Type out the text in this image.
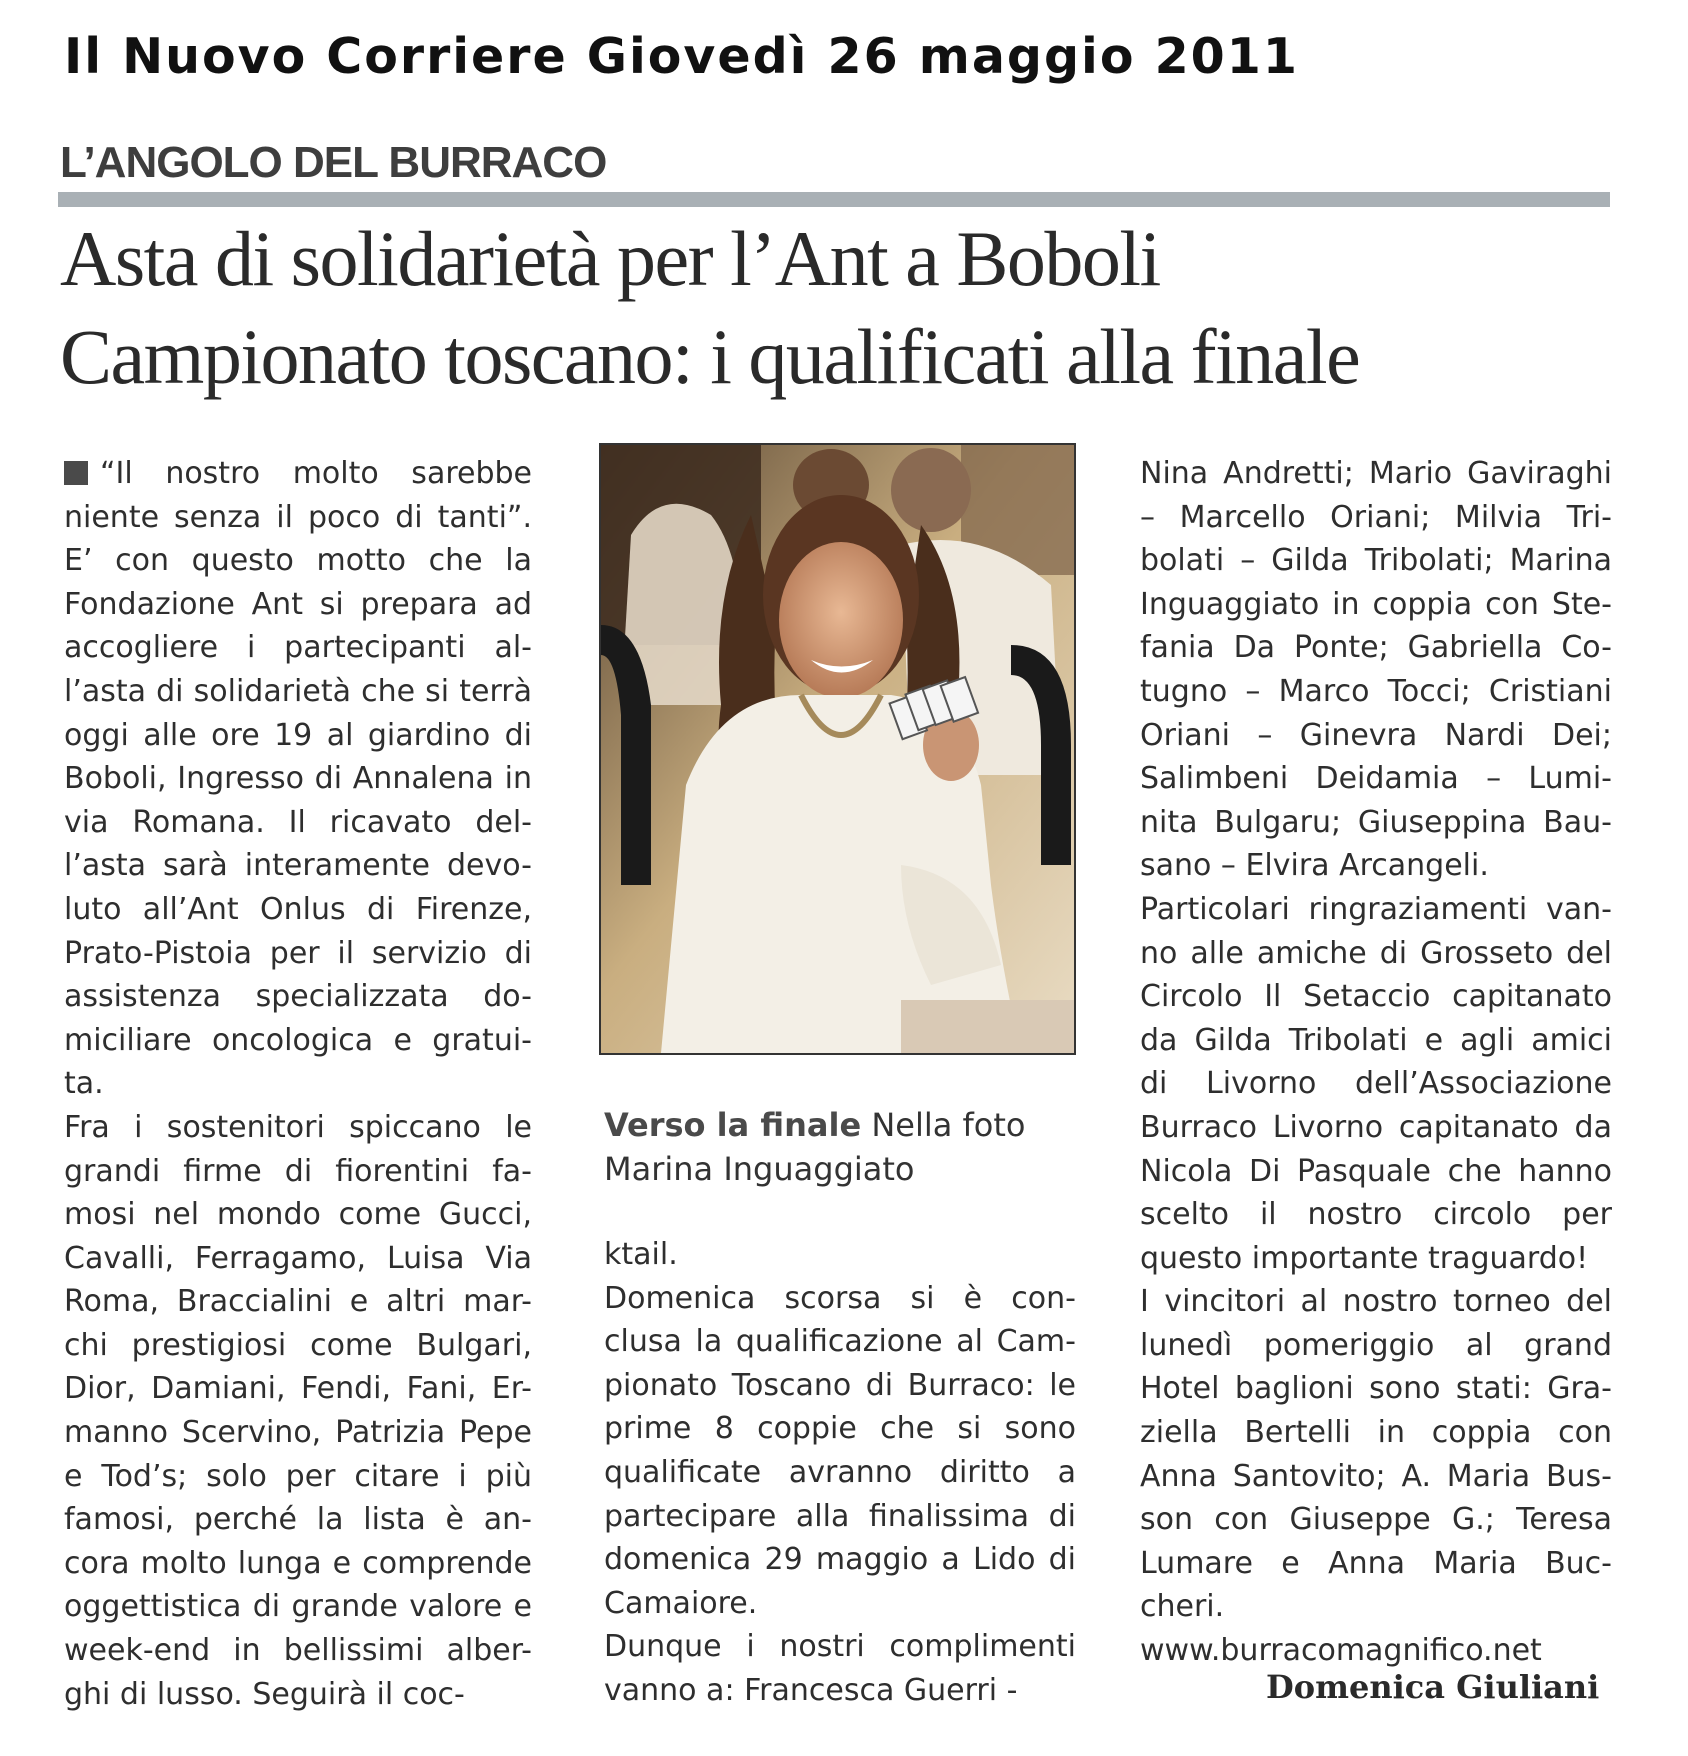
Il Nuovo Corriere Giovedì 26 maggio 2011
L’ANGOLO DEL BURRACO
Asta di solidarietà per l’Ant a Boboli
Campionato toscano: i qualificati alla finale
“Il nostro molto sarebbe
niente senza il poco di tanti”.
E’ con questo motto che la
Fondazione Ant si prepara ad
accogliere i partecipanti al-
l’asta di solidarietà che si terrà
oggi alle ore 19 al giardino di
Boboli, Ingresso di Annalena in
via Romana. Il ricavato del-
l’asta sarà interamente devo-
luto all’Ant Onlus di Firenze,
Prato-Pistoia per il servizio di
assistenza specializzata do-
miciliare oncologica e gratui-
ta.
Fra i sostenitori spiccano le
grandi firme di fiorentini fa-
mosi nel mondo come Gucci,
Cavalli, Ferragamo, Luisa Via
Roma, Braccialini e altri mar-
chi prestigiosi come Bulgari,
Dior, Damiani, Fendi, Fani, Er-
manno Scervino, Patrizia Pepe
e Tod’s; solo per citare i più
famosi, perché la lista è an-
cora molto lunga e comprende
oggettistica di grande valore e
week-end in bellissimi alber-
ghi di lusso. Seguirà il coc-
Verso la finale Nella foto
Marina Inguaggiato
ktail.
Domenica scorsa si è con-
clusa la qualificazione al Cam-
pionato Toscano di Burraco: le
prime 8 coppie che si sono
qualificate avranno diritto a
partecipare alla finalissima di
domenica 29 maggio a Lido di
Camaiore.
Dunque i nostri complimenti
vanno a: Francesca Guerri -
Nina Andretti; Mario Gaviraghi
– Marcello Oriani; Milvia Tri-
bolati – Gilda Tribolati; Marina
Inguaggiato in coppia con Ste-
fania Da Ponte; Gabriella Co-
tugno – Marco Tocci; Cristiani
Oriani – Ginevra Nardi Dei;
Salimbeni Deidamia – Lumi-
nita Bulgaru; Giuseppina Bau-
sano – Elvira Arcangeli.
Particolari ringraziamenti van-
no alle amiche di Grosseto del
Circolo Il Setaccio capitanato
da Gilda Tribolati e agli amici
di Livorno dell’Associazione
Burraco Livorno capitanato da
Nicola Di Pasquale che hanno
scelto il nostro circolo per
questo importante traguardo!
I vincitori al nostro torneo del
lunedì pomeriggio al grand
Hotel baglioni sono stati: Gra-
ziella Bertelli in coppia con
Anna Santovito; A. Maria Bus-
son con Giuseppe G.; Teresa
Lumare e Anna Maria Buc-
cheri.
www.burracomagnifico.net
Domenica Giuliani
